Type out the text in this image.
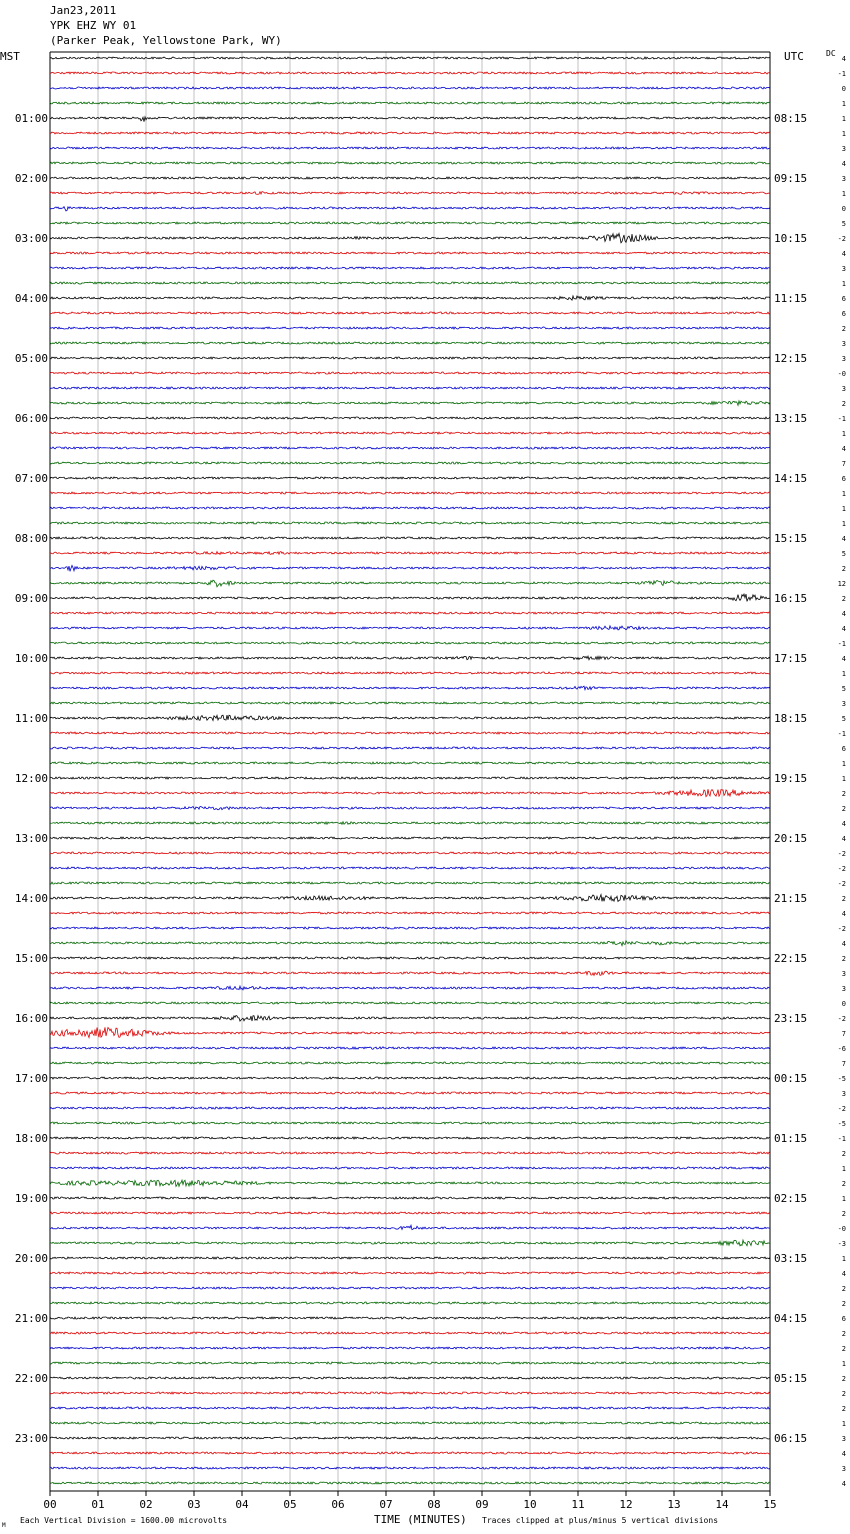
Jan23,2011
YPK EHZ WY 01
(Parker Peak, Yellowstone Park, WY)
MST	UTC	DC
01:00
02:00
03:00
04:00
05:00
06:00
07:00
08:00
09:00
10:00
11:00
12:00
13:00
14:00
15:00
16:00
17:00
18:00
19:00
20:00
21:00
22:00
23:00
08:15
09:15
10:15
11:15
12:15
13:15
14:15
15:15
16:15
17:15
18:15
19:15
20:15
21:15
22:15
23:15
00:15
01:15
02:15
03:15
04:15
05:15
06:15
4
-1
0
1
1
1
3
4
3
1
0
5
-2
4
3
1
6
6
2
3
3
-0
3
2
-1
1
4
7
6
1
1
1
4
5
2
12
2
4
4
-1
4
1
5
3
5
-1
6
1
1
2
2
4
4
-2
-2
-2
2
4
-2
4
2
3
3
0
-2
7
-6
7
-5
3
-2
-5
-1
2
1
2
1
2
-0
-3
1
4
2
2
6
2
2
1
2
2
2
1
3
4
3
4
00	01	02	03	04	05	06	07	08	09	10	11	12	13	14	15
M
Each Vertical Division = 1600.00 microvolts	TIME (MINUTES) Traces clipped at plus/minus 5 vertical divisions
